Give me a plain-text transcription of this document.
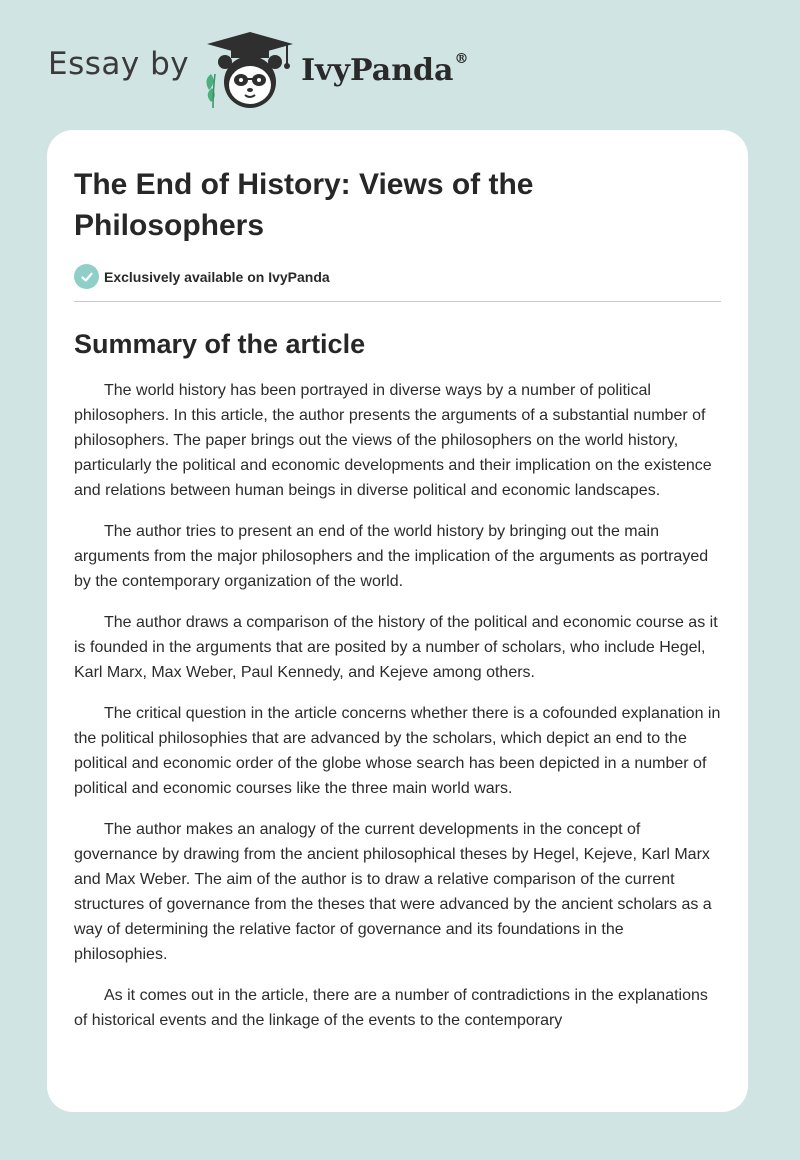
Essay by	IvyPanda®
The End of History: Views of the Philosophers
Exclusively available on IvyPanda
Summary of the article

The world history has been portrayed in diverse ways by a number of political philosophers. In this article, the author presents the arguments of a substantial number of philosophers. The paper brings out the views of the philosophers on the world history, particularly the political and economic developments and their implication on the existence and relations between human beings in diverse political and economic landscapes.

The author tries to present an end of the world history by bringing out the main arguments from the major philosophers and the implication of the arguments as portrayed by the contemporary organization of the world.

The author draws a comparison of the history of the political and economic course as it is founded in the arguments that are posited by a number of scholars, who include Hegel, Karl Marx, Max Weber, Paul Kennedy, and Kejeve among others.

The critical question in the article concerns whether there is a cofounded explanation in the political philosophies that are advanced by the scholars, which depict an end to the political and economic order of the globe whose search has been depicted in a number of political and economic courses like the three main world wars.

The author makes an analogy of the current developments in the concept of governance by drawing from the ancient philosophical theses by Hegel, Kejeve, Karl Marx and Max Weber. The aim of the author is to draw a relative comparison of the current structures of governance from the theses that were advanced by the ancient scholars as a way of determining the relative factor of governance and its foundations in the philosophies.

As it comes out in the article, there are a number of contradictions in the explanations of historical events and the linkage of the events to the contemporary
